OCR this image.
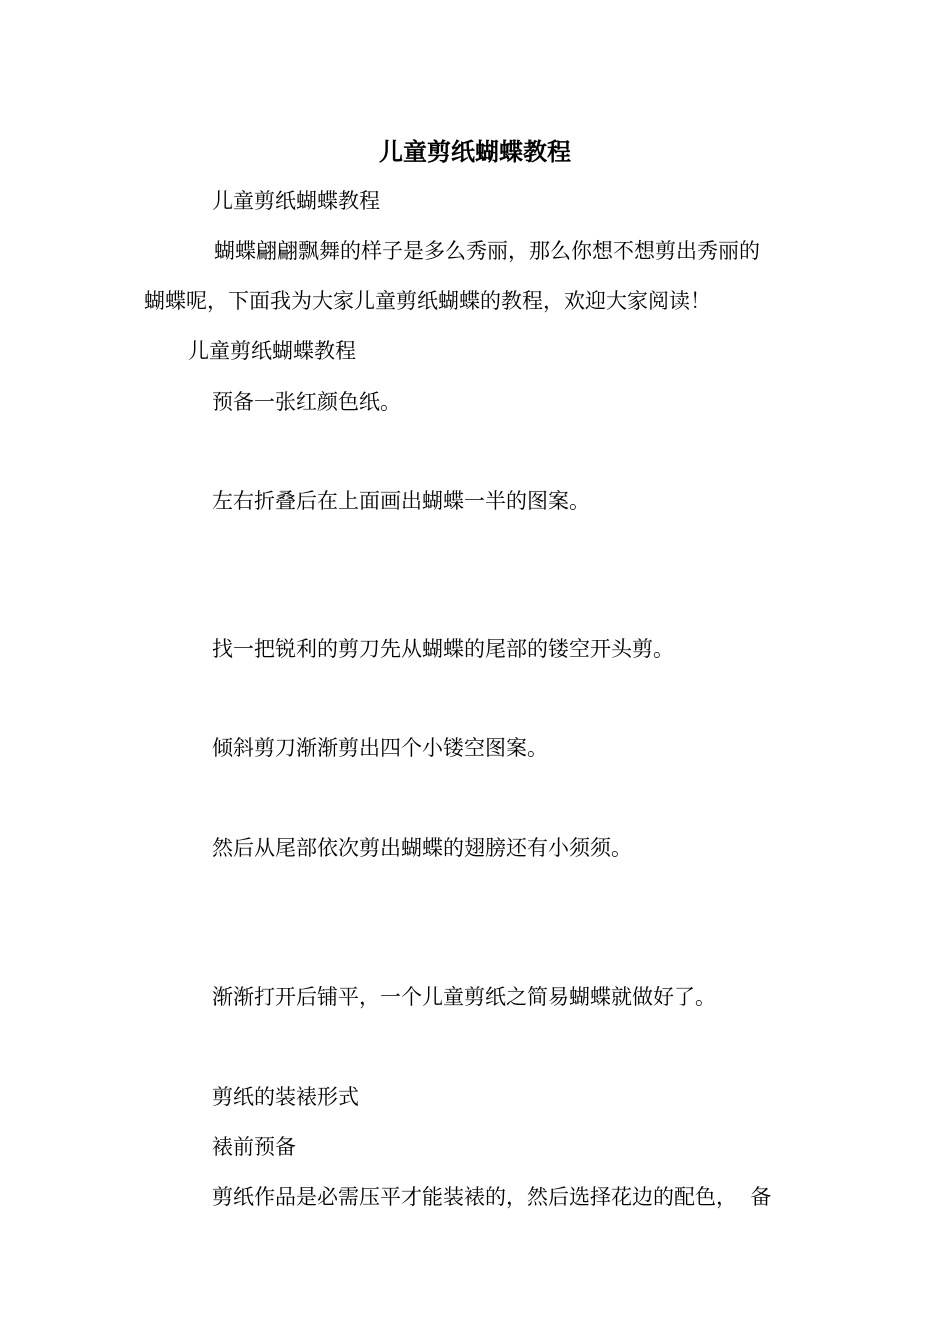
儿童剪纸蝴蝶教程
儿童剪纸蝴蝶教程
蝴蝶翩翩飘舞的样子是多么秀丽，那么你想不想剪出秀丽的
蝴蝶呢，下面我为大家儿童剪纸蝴蝶的教程，欢迎大家阅读！
儿童剪纸蝴蝶教程
预备一张红颜色纸。
左右折叠后在上面画出蝴蝶一半的图案。
找一把锐利的剪刀先从蝴蝶的尾部的镂空开头剪。
倾斜剪刀渐渐剪出四个小镂空图案。
然后从尾部依次剪出蝴蝶的翅膀还有小须须。
渐渐打开后铺平，一个儿童剪纸之简易蝴蝶就做好了。
剪纸的装裱形式
裱前预备
剪纸作品是必需压平才能装裱的，然后选择花边的配色，  备
